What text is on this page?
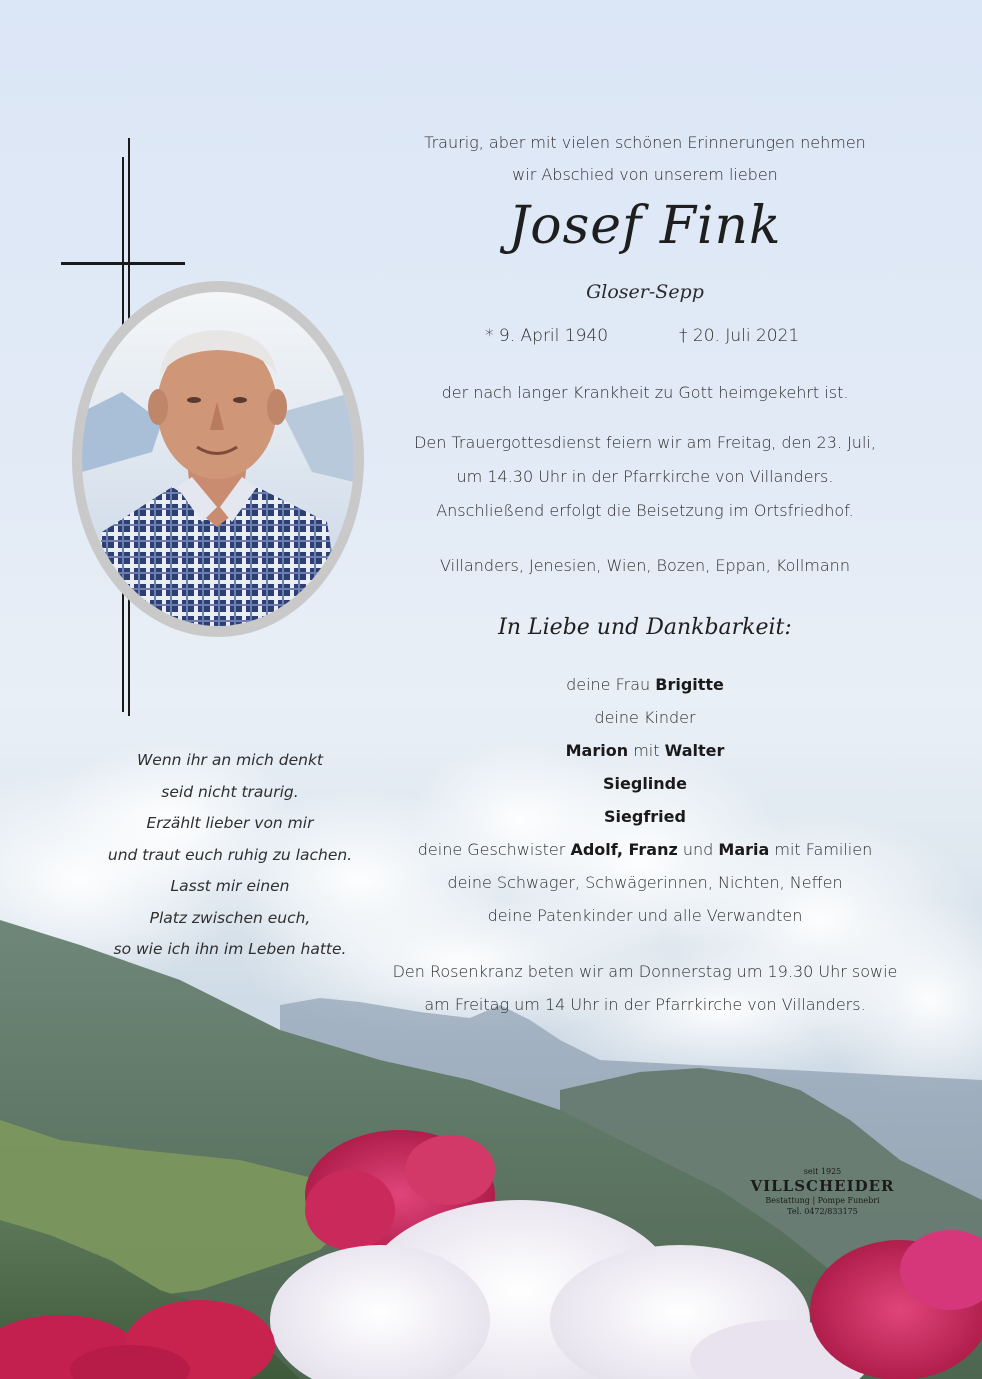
Traurig, aber mit vielen schönen Erinnerungen nehmen
wir Abschied von unserem lieben
Josef Fink
Gloser-Sepp
* 9. April 1940	† 20. Juli 2021
der nach langer Krankheit zu Gott heimgekehrt ist.
Den Trauergottesdienst feiern wir am Freitag, den 23. Juli,
um 14.30 Uhr in der Pfarrkirche von Villanders.
Anschließend erfolgt die Beisetzung im Ortsfriedhof.
Villanders, Jenesien, Wien, Bozen, Eppan, Kollmann
In Liebe und Dankbarkeit:
deine Frau Brigitte
deine Kinder
Marion mit Walter
Sieglinde
Siegfried
deine Geschwister Adolf, Franz und Maria mit Familien
deine Schwager, Schwägerinnen, Nichten, Neffen
deine Patenkinder und alle Verwandten
Den Rosenkranz beten wir am Donnerstag um 19.30 Uhr sowie
am Freitag um 14 Uhr in der Pfarrkirche von Villanders.
Wenn ihr an mich denkt
seid nicht traurig.
Erzählt lieber von mir
und traut euch ruhig zu lachen.
Lasst mir einen
Platz zwischen euch,
so wie ich ihn im Leben hatte.
seit 1925
VILLSCHEIDER
Bestattung | Pompe Funebri
Tel. 0472/833175
